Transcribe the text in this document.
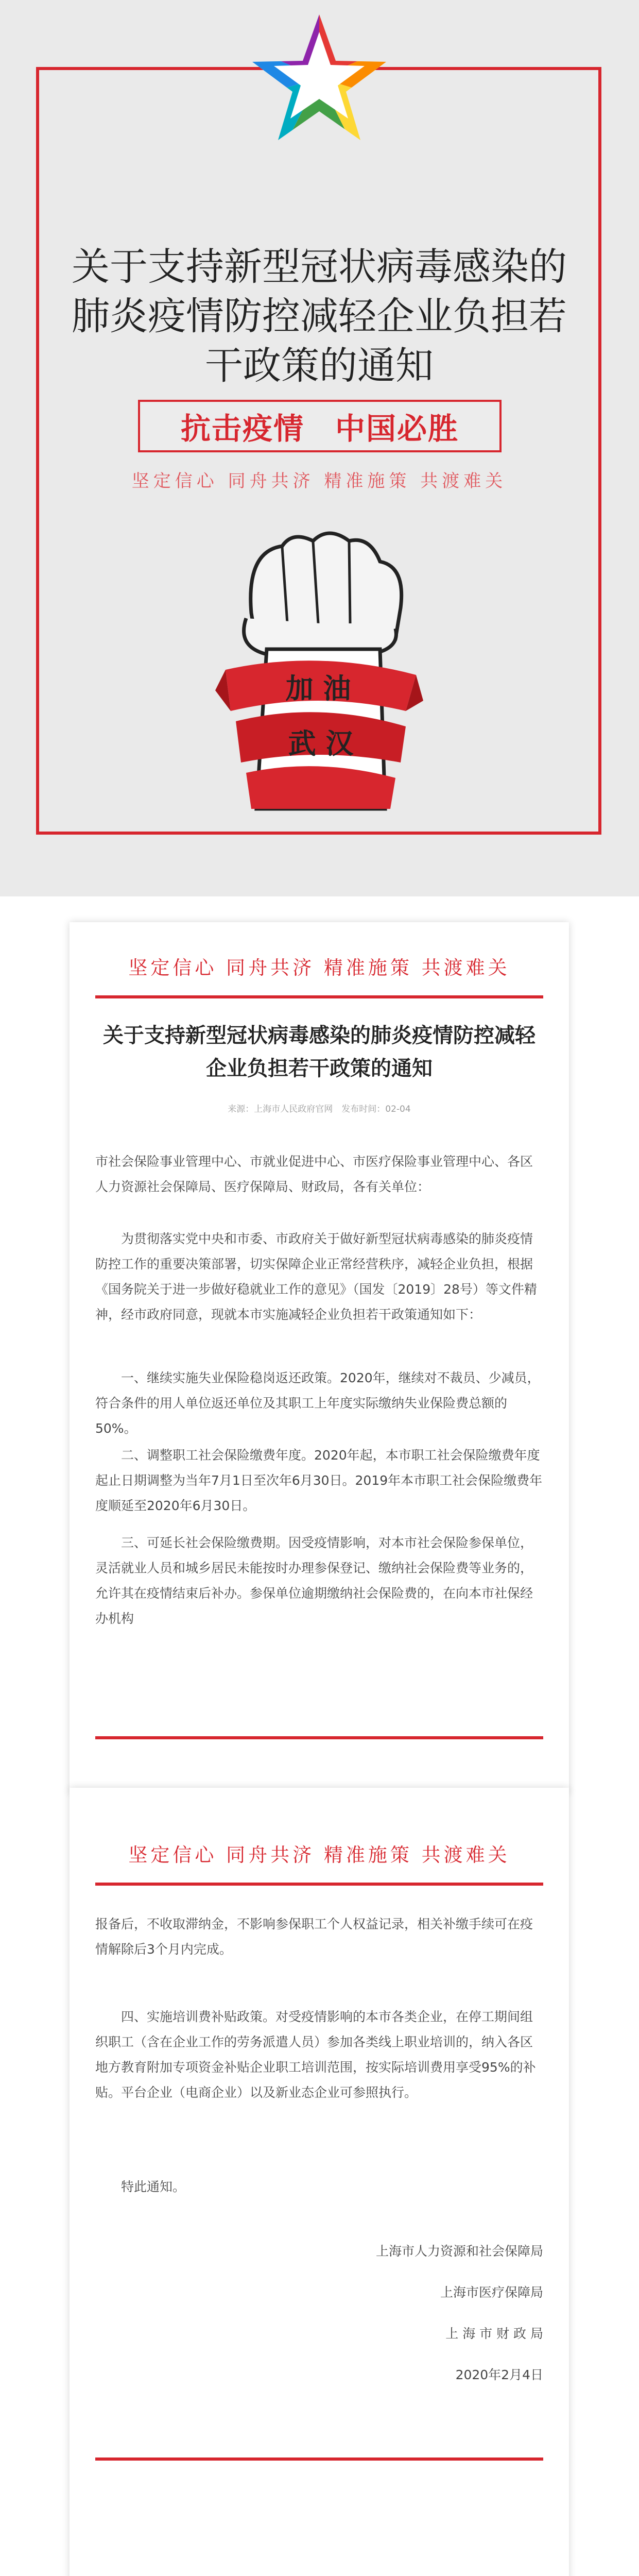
关于支持新型冠状病毒感染的肺炎疫情防控减轻企业负担若干政策的通知
抗击疫情 中国必胜
坚定信心 同舟共济 精准施策 共渡难关
加 油
武 汉
坚定信心 同舟共济 精准施策 共渡难关
关于支持新型冠状病毒感染的肺炎疫情防控减轻企业负担若干政策的通知
来源：上海市人民政府官网　发布时间：02-04

市社会保险事业管理中心、市就业促进中心、市医疗保险事业管理中心、各区人力资源社会保障局、医疗保障局、财政局，各有关单位：

为贯彻落实党中央和市委、市政府关于做好新型冠状病毒感染的肺炎疫情防控工作的重要决策部署，切实保障企业正常经营秩序，减轻企业负担，根据《国务院关于进一步做好稳就业工作的意见》（国发〔2019〕28号）等文件精神，经市政府同意，现就本市实施减轻企业负担若干政策通知如下：

一、继续实施失业保险稳岗返还政策。2020年，继续对不裁员、少减员，符合条件的用人单位返还单位及其职工上年度实际缴纳失业保险费总额的50%。

二、调整职工社会保险缴费年度。2020年起，本市职工社会保险缴费年度起止日期调整为当年7月1日至次年6月30日。2019年本市职工社会保险缴费年度顺延至2020年6月30日。

三、可延长社会保险缴费期。因受疫情影响，对本市社会保险参保单位，灵活就业人员和城乡居民未能按时办理参保登记、缴纳社会保险费等业务的，允许其在疫情结束后补办。参保单位逾期缴纳社会保险费的，在向本市社保经办机构

坚定信心 同舟共济 精准施策 共渡难关

报备后，不收取滞纳金，不影响参保职工个人权益记录，相关补缴手续可在疫情解除后3个月内完成。

四、实施培训费补贴政策。对受疫情影响的本市各类企业，在停工期间组织职工（含在企业工作的劳务派遣人员）参加各类线上职业培训的，纳入各区地方教育附加专项资金补贴企业职工培训范围，按实际培训费用享受95%的补贴。平台企业（电商企业）以及新业态企业可参照执行。

特此通知。

上海市人力资源和社会保障局
上海市医疗保障局
上 海 市 财 政 局
2020年2月4日
